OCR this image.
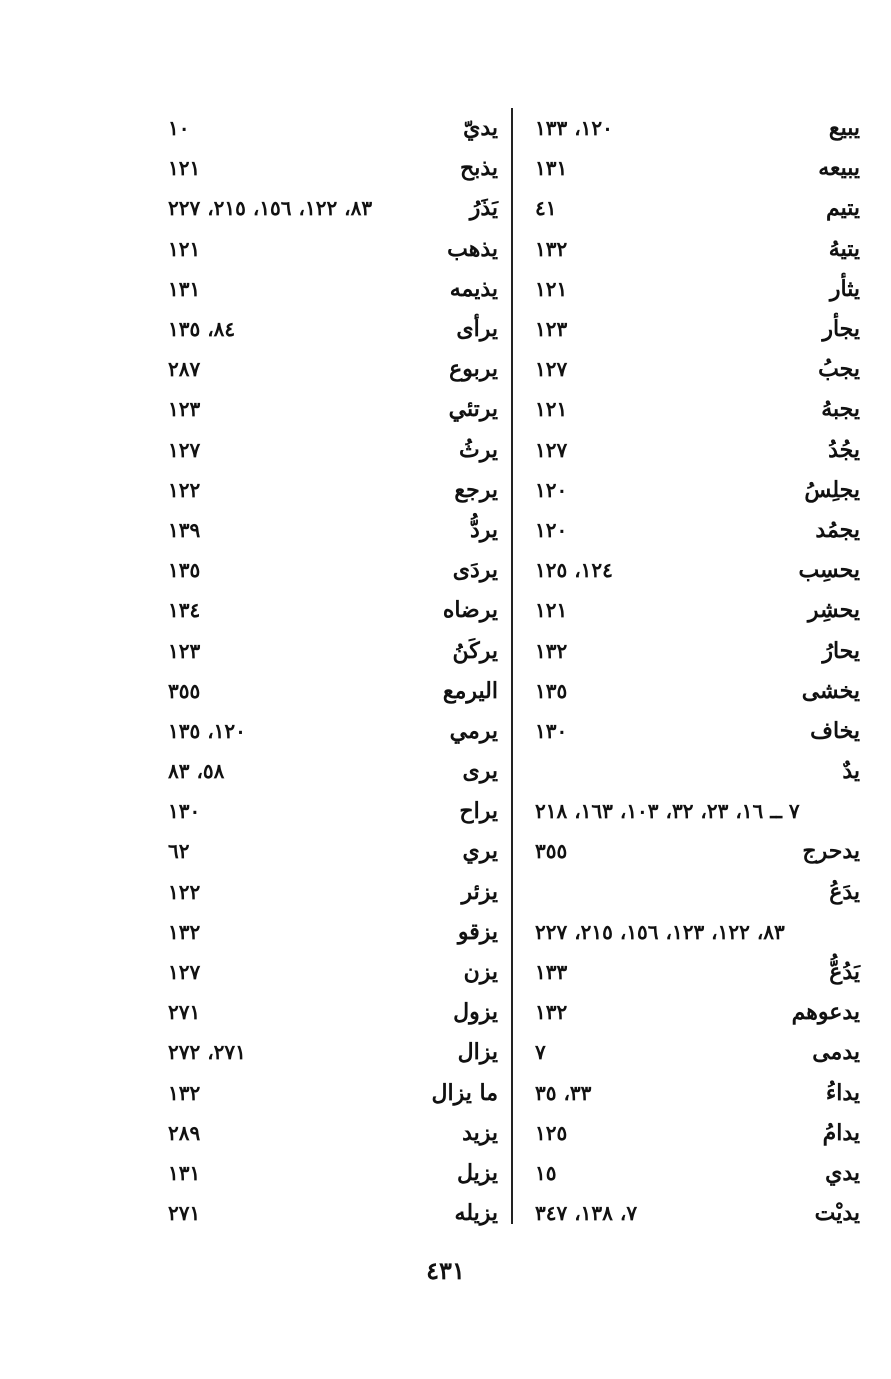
يبيع
١٢٠، ١٣٣
يبيعه
١٣١
يتيم
٤١
يتيهُ
١٣٢
يثأر
١٢١
يجأر
١٢٣
يجبُ
١٢٧
يجبهُ
١٢١
يجُدُ
١٢٧
يجلِسُ
١٢٠
يجمُد
١٢٠
يحسِب
١٢٤، ١٢٥
يحشِر
١٢١
يحارُ
١٣٢
يخشى
١٣٥
يخاف
١٣٠
يدٌ
٧ ــ ١٦، ٢٣، ٣٢، ١٠٣، ١٦٣، ٢١٨
يدحرج
٣٥٥
يدَعُ
٨٣، ١٢٢، ١٢٣، ١٥٦، ٢١٥، ٢٢٧
يَدُعُّ
١٣٣
يدعوهم
١٣٢
يدمى
٧
يداءُ
٣٣، ٣٥
يدامُ
١٢٥
يدي
١٥
يديْت
٧، ١٣٨، ٣٤٧
يديّ
١٠
يذبح
١٢١
يَذَرُ
٨٣، ١٢٢، ١٥٦، ٢١٥، ٢٢٧
يذهب
١٢١
يذيمه
١٣١
يرأى
٨٤، ١٣٥
يربوع
٢٨٧
يرتئي
١٢٣
يرثُ
١٢٧
يرجع
١٢٢
يردُّ
١٣٩
يردَى
١٣٥
يرضاه
١٣٤
يركَنُ
١٢٣
اليرمع
٣٥٥
يرمي
١٢٠، ١٣٥
يرى
٥٨، ٨٣
يراح
١٣٠
يري
٦٢
يزئر
١٢٢
يزقو
١٣٢
يزن
١٢٧
يزول
٢٧١
يزال
٢٧١، ٢٧٢
ما يزال
١٣٢
يزيد
٢٨٩
يزيل
١٣١
يزيله
٢٧١
٤٣١
